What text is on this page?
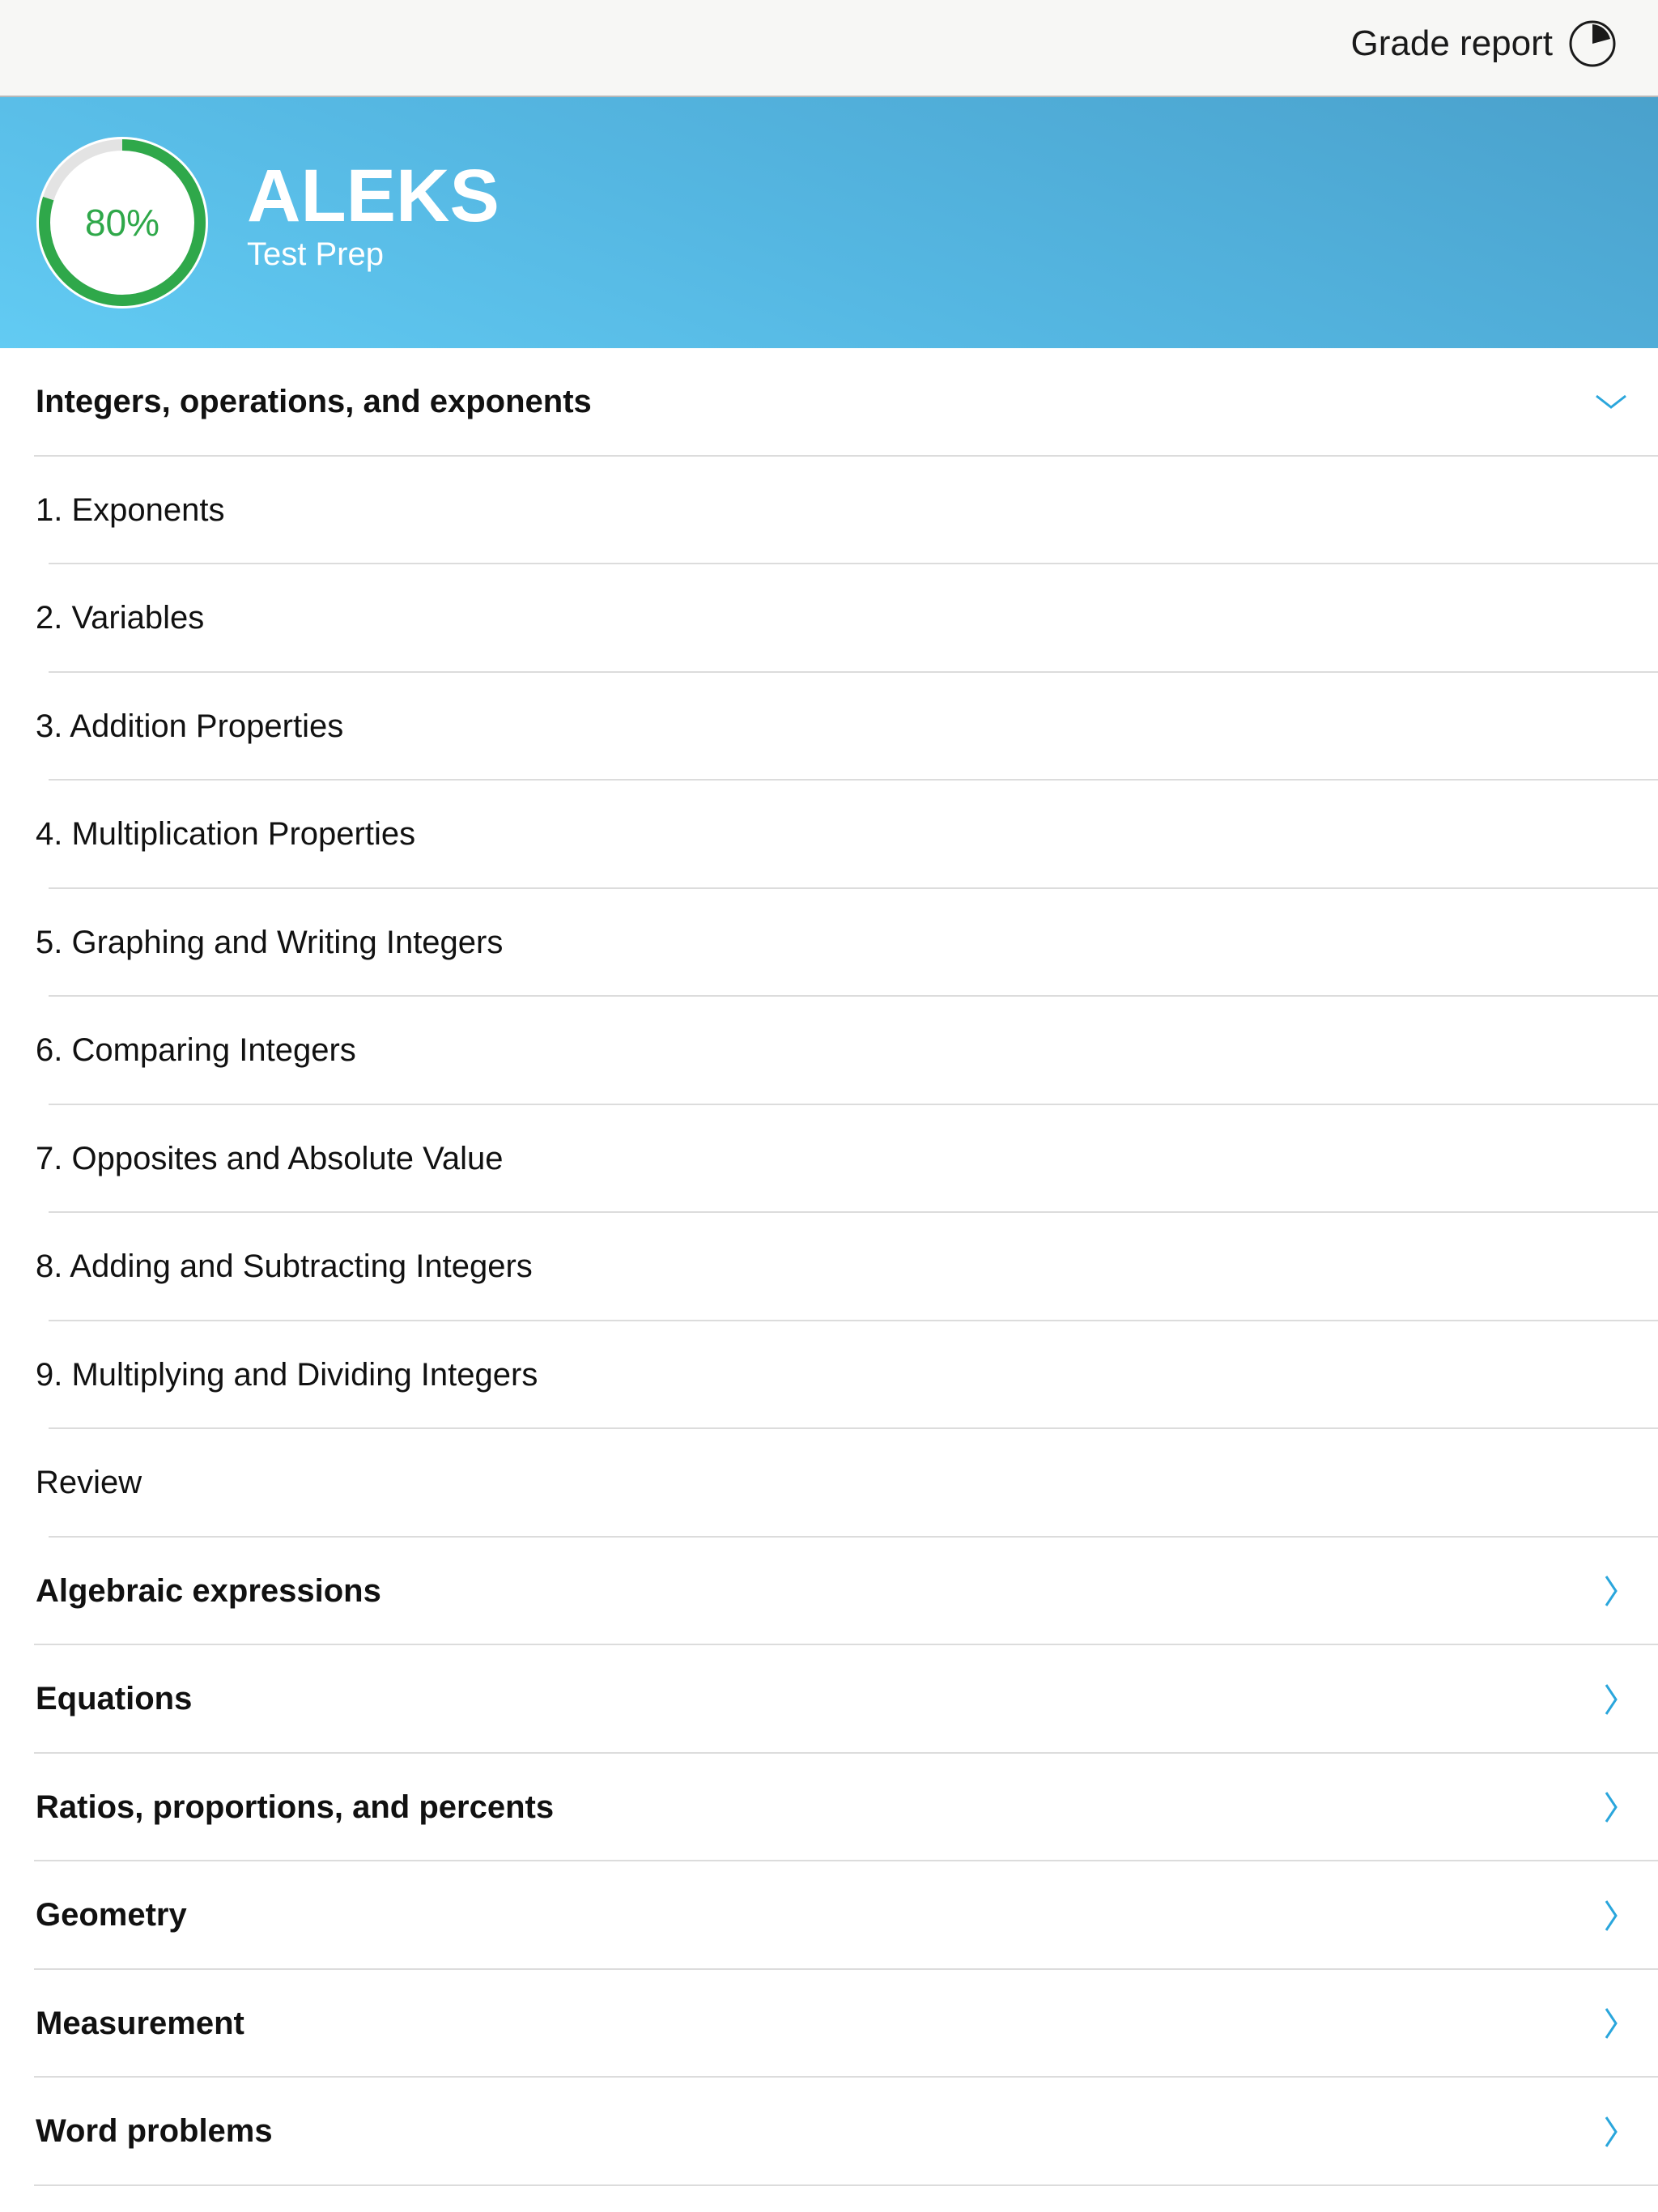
Grade report
80%	ALEKS
Test Prep
Integers, operations, and exponents
1. Exponents
2. Variables
3. Addition Properties
4. Multiplication Properties
5. Graphing and Writing Integers
6. Comparing Integers
7. Opposites and Absolute Value
8. Adding and Subtracting Integers
9. Multiplying and Dividing Integers
Review
Algebraic expressions
Equations
Ratios, proportions, and percents
Geometry
Measurement
Word problems
